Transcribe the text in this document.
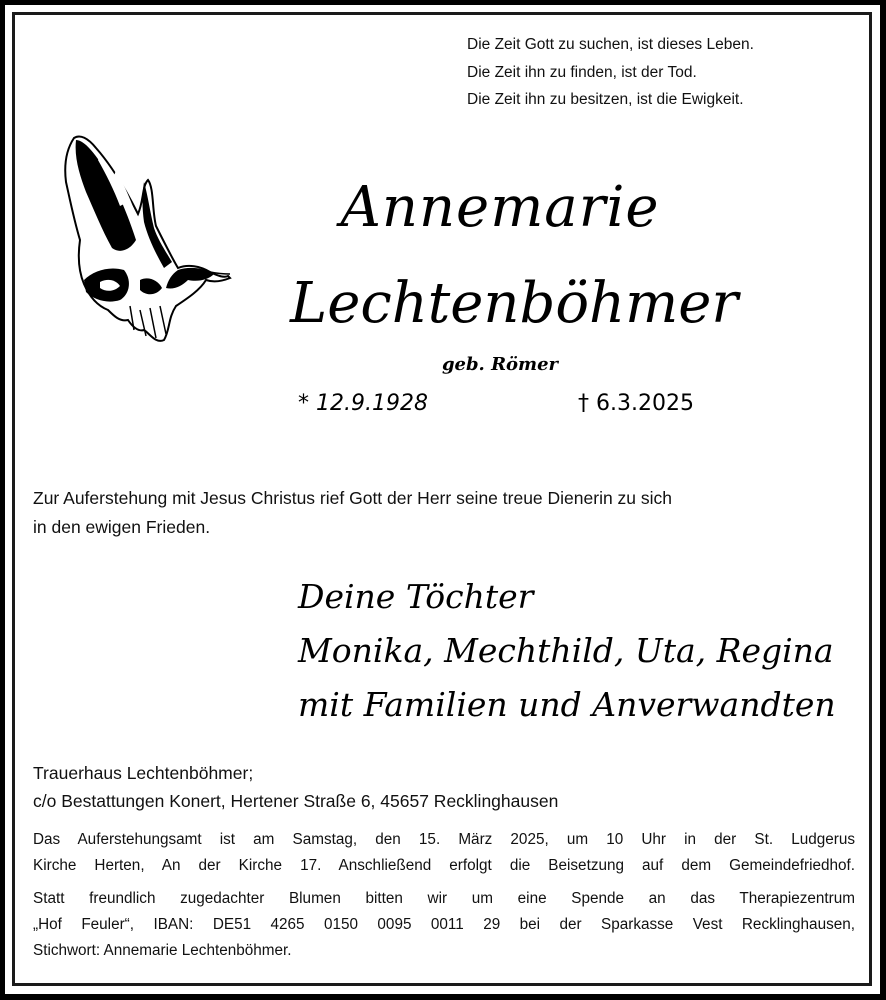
Die Zeit Gott zu suchen, ist dieses Leben.
Die Zeit ihn zu finden, ist der Tod.
Die Zeit ihn zu besitzen, ist die Ewigkeit.
Annemarie
Lechtenböhmer
geb. Römer
* 12.9.1928	† 6.3.2025
Zur Auferstehung mit Jesus Christus rief Gott der Herr seine treue Dienerin zu sich
in den ewigen Frieden.
Deine Töchter
Monika, Mechthild, Uta, Regina
mit Familien und Anverwandten
Trauerhaus Lechtenböhmer;
c/o Bestattungen Konert, Hertener Straße 6, 45657 Recklinghausen
Das Auferstehungsamt ist am Samstag, den 15. März 2025, um 10 Uhr in der St. Ludgerus
Kirche Herten, An der Kirche 17. Anschließend erfolgt die Beisetzung auf dem Gemeindefriedhof.
Statt freundlich zugedachter Blumen bitten wir um eine Spende an das Therapiezentrum
„Hof Feuler“, IBAN: DE51 4265 0150 0095 0011 29 bei der Sparkasse Vest Recklinghausen,
Stichwort: Annemarie Lechtenböhmer.
